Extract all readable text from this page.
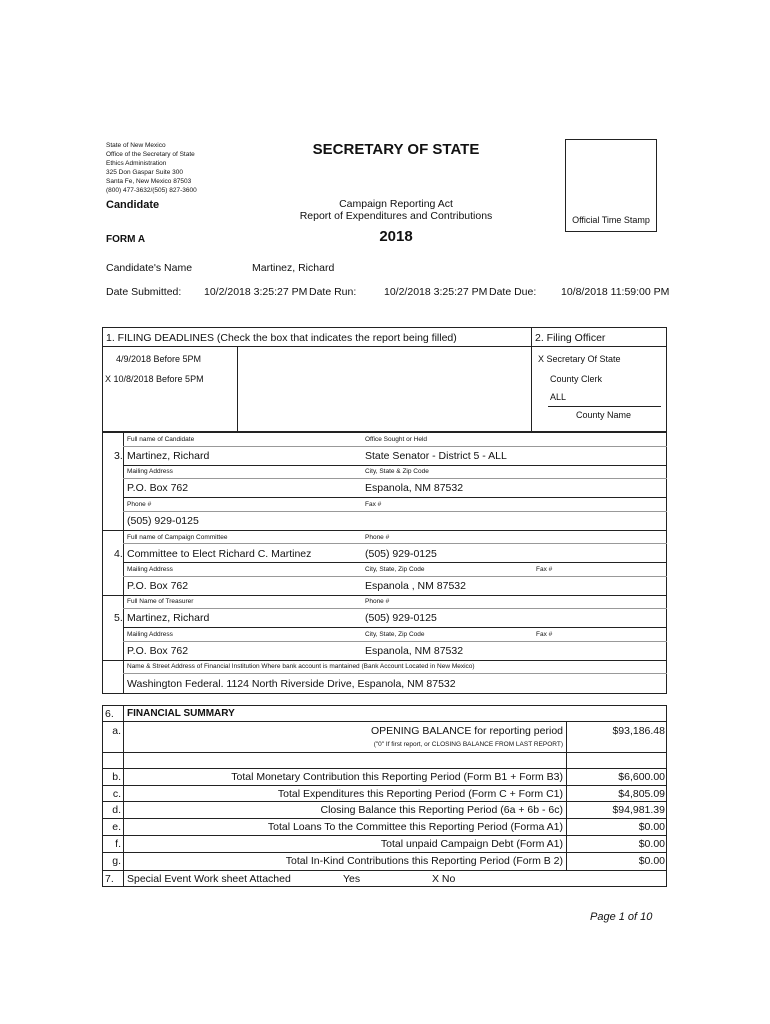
State of New Mexico
Office of the Secretary of State
Ethics Administration
325 Don Gaspar Suite 300
Santa Fe, New Mexico 87503
(800) 477-3632/(505) 827-3600
SECRETARY OF STATE
Campaign Reporting Act
Report of Expenditures and Contributions
2018
Candidate
FORM A
Official Time Stamp
Candidate's Name	Martinez, Richard
Date Submitted: 10/2/2018 3:25:27 PM Date Run:	10/2/2018 3:25:27 PM Date Due: 10/8/2018 11:59:00 PM
1. FILING DEADLINES (Check the box that indicates the report being filled)
4/9/2018 Before 5PM
X 10/8/2018 Before 5PM
2. Filing Officer
X Secretary Of State
County Clerk
ALL
County Name
3.
Full name of Candidate
Martinez, Richard
Office Sought or Held
State Senator - District 5 - ALL
Mailing Address
P.O. Box 762
City, State & Zip Code
Espanola, NM 87532
Phone #
(505) 929-0125
Fax #
4.
Full name of Campaign Committee
Committee to Elect Richard C. Martinez
Phone #
(505) 929-0125
Mailing Address
P.O. Box 762
City, State, Zip Code
Espanola , NM 87532
Fax #
5.
Full Name of Treasurer
Martinez, Richard
Phone #
(505) 929-0125
Mailing Address
P.O. Box 762
City, State, Zip Code
Espanola, NM 87532
Fax #
Name & Street Address of Financial Institution Where bank account is mantained (Bank Account Located in New Mexico)
Washington Federal. 1124 North Riverside Drive, Espanola, NM 87532
6. FINANCIAL SUMMARY
a.	OPENING BALANCE for reporting period	$93,186.48
("0" If first report, or CLOSING BALANCE FROM LAST REPORT)
b.	Total Monetary Contribution this Reporting Period (Form B1 + Form B3)	$6,600.00
c.	Total Expenditures this Reporting Period (Form C + Form C1)	$4,805.09
d.	Closing Balance this Reporting Period (6a + 6b - 6c)	$94,981.39
e.	Total Loans To the Committee this Reporting Period (Forma A1)	$0.00
f.	Total unpaid Campaign Debt (Form A1)	$0.00
g.	Total In-Kind Contributions this Reporting Period (Form B 2)	$0.00
7. Special Event Work sheet Attached	Yes	X No
Page 1 of 10
